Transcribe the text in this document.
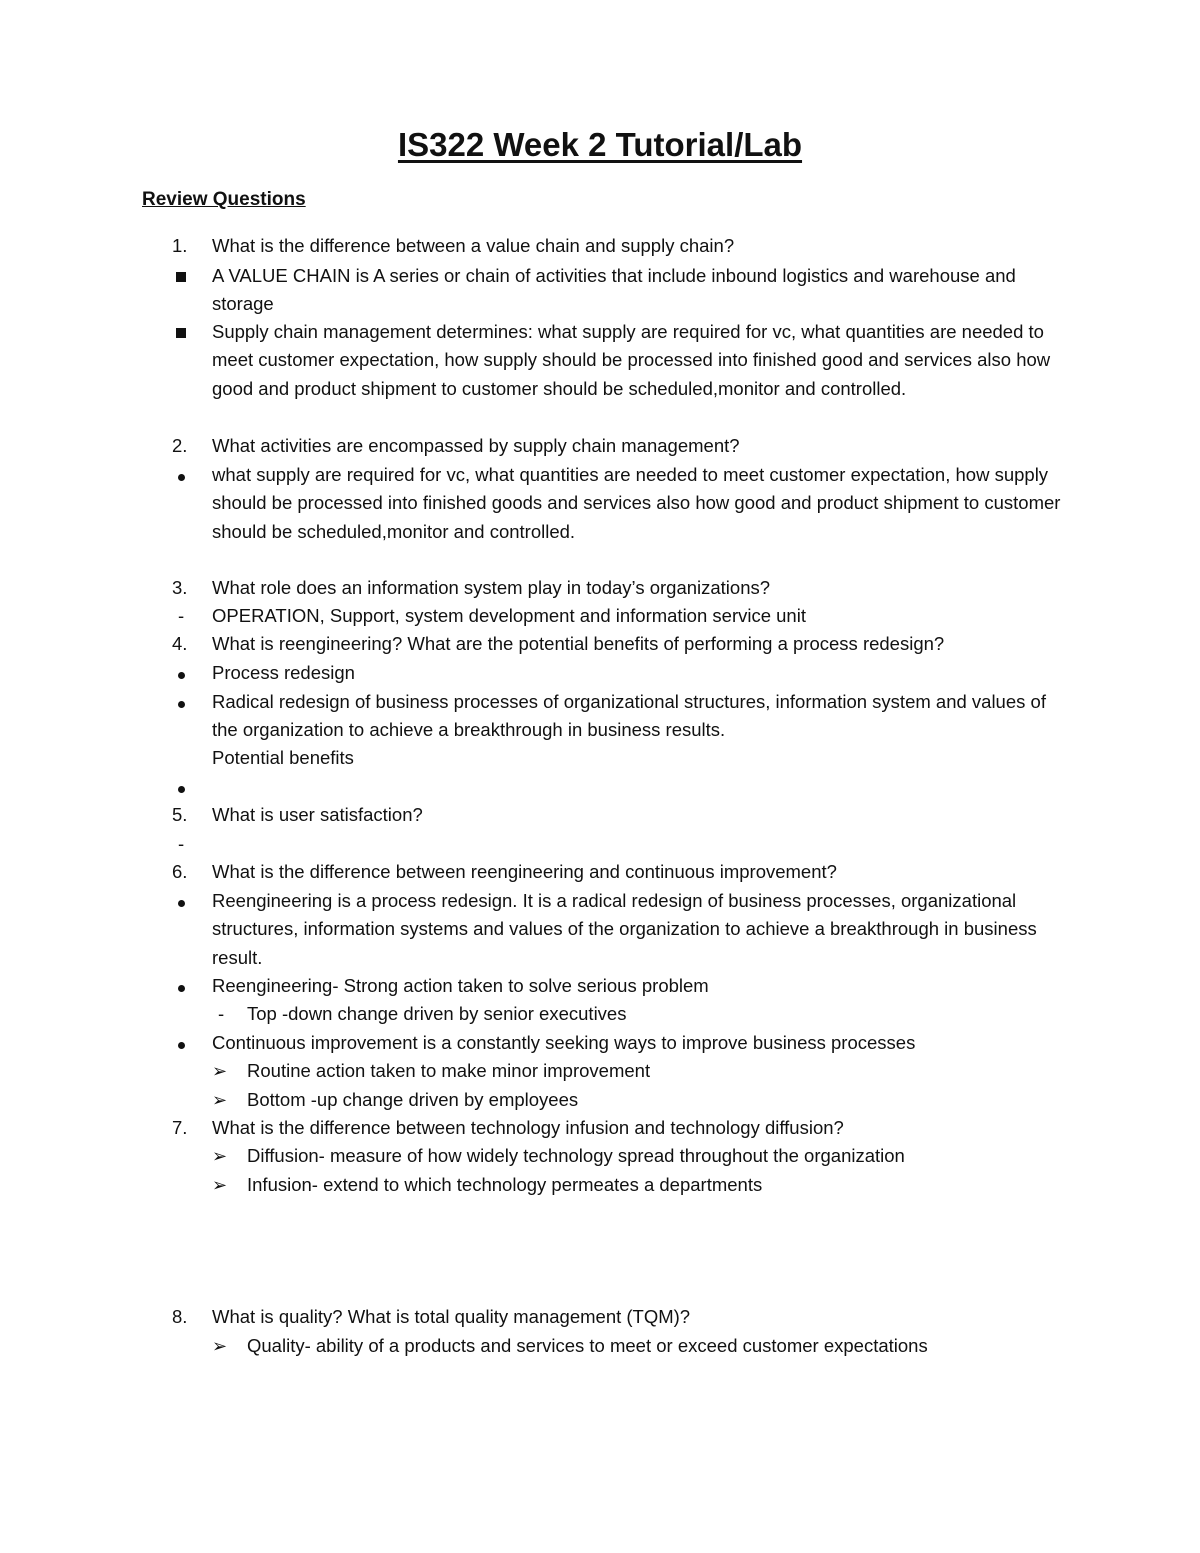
IS322 Week 2 Tutorial/Lab
Review Questions
1.	What is the difference between a value chain and supply chain?
A VALUE CHAIN is A series or chain of activities that include inbound logistics and warehouse and storage
Supply chain management determines: what supply are required for vc, what quantities are needed to meet customer expectation, how supply should be processed into finished good and services also how good and product shipment to customer should be scheduled,monitor and controlled.
2.	What activities are encompassed by supply chain management?
what supply are required for vc, what quantities are needed to meet customer expectation, how supply should be processed into finished goods and services also how good and product shipment to customer should be scheduled,monitor and controlled.
3.	What role does an information system play in today’s organizations?
-	OPERATION, Support, system development and information service unit
4.	What is reengineering? What are the potential benefits of performing a process redesign?
Process redesign
Radical redesign of business processes of organizational structures, information system and values of the organization to achieve a breakthrough in business results.
Potential benefits
5.	What is user satisfaction?
-
6.	What is the difference between reengineering and continuous improvement?
Reengineering is a process redesign. It is a radical redesign of business processes, organizational structures, information systems and values of the organization to achieve a breakthrough in business result.
Reengineering- Strong action taken to solve serious problem
-	Top -down change driven by senior executives
Continuous improvement is a constantly seeking ways to improve business processes
➢	Routine action taken to make minor improvement
➢	Bottom -up change driven by employees
7.	What is the difference between technology infusion and technology diffusion?
➢	Diffusion- measure of how widely technology spread throughout the organization
➢	Infusion- extend to which technology permeates a departments
8.	What is quality? What is total quality management (TQM)?
➢	Quality- ability of a products and services to meet or exceed customer expectations
